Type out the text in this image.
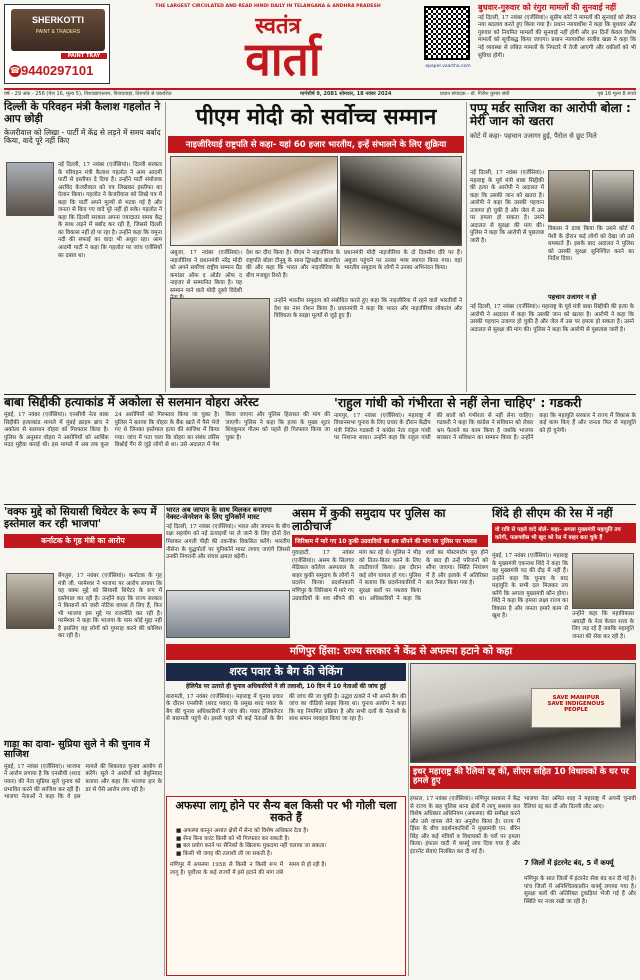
SHERKOTTI
PAINT & TRADERS
PAINT TRAY
☎ 9440297101
THE LARGEST CIRCULATED AND READ HINDI DAILY IN TELANGANA & ANDHRA PRADESH
स्वतंत्र
वार्ता	epaper.vaartha.com
बुधवार-गुरुवार को रंगुरा मामलों की सुनवाई नहीं
नई दिल्ली, 17 नवंबर (एजेंसियां)। सुप्रीम कोर्ट ने मामलों की सुनवाई को लेकर नया बदलाव करते हुए किया गया है। प्रधान न्यायाधीश ने कहा कि बुधवार और गुरुवार को नियमित मामलों की सुनवाई नहीं होगी और इन दिनों केवल विशेष मामलों को सूचीबद्ध किया जाएगा। प्रधान न्यायाधीश संजीव खन्ना ने कहा कि नई व्यवस्था से लंबित मामलों के निपटारे में तेजी आएगी और वकीलों को भी सुविधा होगी।
वर्ष - 29 अंक - 256 (पेज 16, मूल्य 5), विशाखापत्तनम, विजयवाड़ा, तिरुपति से प्रकाशित	मार्गशीर्ष 9, 2081 सोमवार, 18 नवंबर 2024	प्रधान संपादक - डॉ. गिरीश कुमार संघी	पृष्ठ 16 मूल्य 8 रुपये
दिल्ली के परिवहन मंत्री कैलाश गहलोत ने आप छोड़ी
केजरीवाल को लिखा - पार्टी में केंद्र से लड़ने में समय बर्बाद किया, वादे पूरे नहीं किए
नई दिल्ली, 17 नवंबर (एजेंसियां)। दिल्ली सरकार के परिवहन मंत्री कैलाश गहलोत ने आम आदमी पार्टी से इस्तीफा दे दिया है। उन्होंने पार्टी संयोजक अरविंद केजरीवाल को पत्र लिखकर इस्तीफा का ऐलान किया। गहलोत ने केजरीवाल को लिखे पत्र में कहा कि पार्टी अपने मूल्यों से भटक गई है और जनता से किए गए वादे पूरे नहीं हो सके। गहलोत ने कहा कि दिल्ली सरकार अपना ज्यादातर समय केंद्र के साथ लड़ने में बर्बाद कर रही है, जिससे दिल्ली का विकास नहीं हो पा रहा है। उन्होंने कहा कि यमुना नदी की सफाई का वादा भी अधूरा रहा। आम आदमी पार्टी ने कहा कि गहलोत पर जांच एजेंसियों का दबाव था।
पीएम मोदी को सर्वोच्च सम्मान
नाइजीरियाई राष्ट्रपति से कहा- यहां 60 हजार भारतीय, इन्हें संभालने के लिए शुक्रिया
अबुजा, 17 नवंबर (एजेंसियां)। नाइजीरिया ने प्रधानमंत्री नरेंद्र मोदी को अपने सर्वोच्च राष्ट्रीय सम्मान ग्रैंड कमांडर ऑफ द ऑर्डर ऑफ द नाइजर से सम्मानित किया है। यह सम्मान पाने वाले मोदी दूसरे विदेशी
देश का दौरा किया है। पीएम ने नाइजीरिया के राष्ट्रपति बोला टीनूबू के साथ द्विपक्षीय बातचीत की और कहा कि भारत और नाइजीरिया के बीच मजबूत रिश्ते हैं।
प्रधानमंत्री मोदी नाइजीरिया के दो दिवसीय दौरे पर हैं। अबुजा पहुंचने पर उनका भव्य स्वागत किया गया। वहां भारतीय समुदाय के लोगों ने उनका अभिनंदन किया।
उन्होंने भारतीय समुदाय को संबोधित करते हुए कहा कि नाइजीरिया में रहने वाले भारतीयों ने देश का नाम रोशन किया है। प्रधानमंत्री ने कहा कि भारत और नाइजीरिया लोकतंत्र और विविधता के साझा मूल्यों से जुड़े हुए हैं।
पप्पू मर्डर साजिश का आरोपी बोला : मेरी जान को खतरा
कोर्ट में कहा- पहचान उजागर हुई, पैरोल से छूट मिले
नई दिल्ली, 17 नवंबर (एजेंसियां)। महाराष्ट्र के पूर्व मंत्री बाबा सिद्दीकी की हत्या के आरोपी ने अदालत में कहा कि उसकी जान को खतरा है। आरोपी ने कहा कि उसकी पहचान उजागर हो चुकी है और जेल में उस पर हमला हो सकता है। उसने अदालत से सुरक्षा की मांग की। पुलिस ने कहा कि आरोपी से पूछताछ जारी है।
विकास ने दावा किया कि उसने कोर्ट में पेशी के दौरान कई लोगों को देखा जो उसे धमकाते हैं। इसके बाद अदालत ने पुलिस को उसकी सुरक्षा सुनिश्चित करने का निर्देश दिया।
पहचान उजागर न हो
नई दिल्ली, 17 नवंबर (एजेंसियां)। महाराष्ट्र के पूर्व मंत्री बाबा सिद्दीकी की हत्या के आरोपी ने अदालत में कहा कि उसकी जान को खतरा है। आरोपी ने कहा कि उसकी पहचान उजागर हो चुकी है और जेल में उस पर हमला हो सकता है। उसने अदालत से सुरक्षा की मांग की। पुलिस ने कहा कि आरोपी से पूछताछ जारी है।
बाबा सिद्दीकी हत्याकांड में अकोला से सलमान वोहरा अरेस्ट
मुंबई, 17 नवंबर (एजेंसियां)। एनसीपी नेता बाबा सिद्दीकी हत्याकांड मामले में मुंबई क्राइम ब्रांच ने अकोला से सलमान वोहरा को गिरफ्तार किया है। पुलिस के अनुसार वोहरा ने आरोपियों को आर्थिक मदद मुहैया कराई थी। इस मामले में अब तक कुल 24 आरोपियों को गिरफ्तार किया जा चुका है। पुलिस ने बताया कि वोहरा के बैंक खाते में पैसे भेजे गए थे जिनका इस्तेमाल हत्या की साजिश में किया गया। जांच में पता चला कि वोहरा का संबंध लॉरेंस बिश्नोई गैंग से जुड़े लोगों से था। उसे अदालत में पेश किया जाएगा और पुलिस हिरासत की मांग की जाएगी। पुलिस ने कहा कि हत्या के मुख्य शूटर शिवकुमार गौतम को पहले ही गिरफ्तार किया जा चुका है।
'राहुल गांधी को गंभीरता से नहीं लेना चाहिए' : गडकरी
नागपुर, 17 नवंबर (एजेंसियां)। महाराष्ट्र में विधानसभा चुनाव के लिए प्रचार के दौरान केंद्रीय मंत्री नितिन गडकरी ने कांग्रेस नेता राहुल गांधी पर निशाना साधा। उन्होंने कहा कि राहुल गांधी की बातों को गंभीरता से नहीं लेना चाहिए। गडकरी ने कहा कि कांग्रेस ने संविधान को लेकर भ्रम फैलाने का काम किया है जबकि भाजपा सरकार ने संविधान का सम्मान किया है। उन्होंने कहा कि महायुति सरकार ने राज्य में विकास के कई काम किए हैं और जनता फिर से महायुति को ही चुनेगी।
'वक्फ मुद्दे को सियासी थियेटर के रूप में इस्तेमाल कर रही भाजपा'
कर्नाटक के गृह मंत्री का आरोप
बेंगलुरु, 17 नवंबर (एजेंसियां)। कर्नाटक के गृह मंत्री जी. परमेश्वर ने भाजपा पर आरोप लगाया कि वह वक्फ मुद्दे को सियासी थियेटर के रूप में इस्तेमाल कर रही है। उन्होंने कहा कि राज्य सरकार ने किसानों को जारी नोटिस वापस ले लिए हैं, फिर भी भाजपा इस मुद्दे पर राजनीति कर रही है। परमेश्वर ने कहा कि भाजपा के पास कोई मुद्दा नहीं है इसलिए वह लोगों को गुमराह करने की कोशिश कर रही है।
भारत अब जापान के साथ मिलकर बनाएगा नेक्स्ट-जेनरेशन के लिए युनिकॉर्न मास्ट
नई दिल्ली, 17 नवंबर (एजेंसियां)। भारत और जापान के बीच रक्षा सहयोग को नई ऊंचाइयों पर ले जाने के लिए दोनों देश मिलकर अगली पीढ़ी की तकनीक विकसित करेंगे। भारतीय नौसेना के युद्धपोतों पर यूनिकॉर्न मास्ट लगाए जाएंगे जिससे उनकी निगरानी और संचार क्षमता बढ़ेगी।
असम में कुकी समुदाय पर पुलिस का लाठीचार्ज
जिरिबाम में मारे गए 10 कुकी उग्रवादियों का शव सौंपने की मांग पर पुलिस पर पथराव
गुवाहाटी, 17 नवंबर (एजेंसियां)। असम के सिलचर मेडिकल कॉलेज अस्पताल के बाहर कुकी समुदाय के लोगों ने प्रदर्शन किया। प्रदर्शनकारी मणिपुर के जिरिबाम में मारे गए उग्रवादियों के शव सौंपने की मांग कर रहे थे। पुलिस ने भीड़ को तितर-बितर करने के लिए लाठीचार्ज किया। इस दौरान कई लोग घायल हो गए। पुलिस ने बताया कि प्रदर्शनकारियों ने सुरक्षा बलों पर पथराव किया था। अधिकारियों ने कहा कि शवों का पोस्टमार्टम पूरा होने के बाद ही उन्हें परिजनों को सौंपा जाएगा। स्थिति नियंत्रण में है और इलाके में अतिरिक्त बल तैनात किया गया है।
शिंदे ही सीएम की रेस में नहीं
वो रात्रि से पहले वादे बोले- कहा- अगला मुख्यमंत्री महायुति तय करेगी, फडणवीस भी खुद को रेस में बाहर बता चुके हैं
मुंबई, 17 नवंबर (एजेंसियां)। महाराष्ट्र के मुख्यमंत्री एकनाथ शिंदे ने कहा कि वह मुख्यमंत्री पद की दौड़ में नहीं हैं। उन्होंने कहा कि चुनाव के बाद महायुति के सभी दल मिलकर तय करेंगे कि अगला मुख्यमंत्री कौन होगा। शिंदे ने कहा कि हमारा लक्ष्य राज्य का विकास है और जनता हमारे काम से खुश है।	उन्होंने कहा कि महाविकास अघाड़ी के नेता केवल सत्ता के लिए लड़ रहे हैं जबकि महायुति जनता की सेवा कर रही है।
मणिपुर हिंसा: राज्य सरकार ने केंद्र से अफस्पा हटाने को कहा
शरद पवार के बैग की चेकिंग
हेलिपैड पर उतरते ही चुनाव अधिकारियों ने ली तलाशी, 10 दिन में 10 नेताओं की जांच हुई
बारामती, 17 नवंबर (एजेंसियां)। महाराष्ट्र में चुनाव प्रचार के दौरान एनसीपी (शरद पवार) के प्रमुख शरद पवार के बैग की चुनाव अधिकारियों ने जांच की। पवार हेलिकॉप्टर से बारामती पहुंचे थे। इससे पहले भी कई नेताओं के बैग की जांच की जा चुकी है। उद्धव ठाकरे ने भी अपने बैग की जांच का वीडियो साझा किया था। चुनाव आयोग ने कहा कि यह नियमित प्रक्रिया है और सभी दलों के नेताओं के साथ समान व्यवहार किया जा रहा है।
SAVE MANIPUR
SAVE INDIGENOUS
PEOPLE
गाड़ा का दावा- सुप्रिया सुले ने की चुनाव में साजिश
मुंबई, 17 नवंबर (एजेंसियां)। भाजपा ने आरोप लगाया है कि एनसीपी (शरद पवार) की नेता सुप्रिया सुले चुनाव को प्रभावित करने की साजिश कर रही हैं। भाजपा नेताओं ने कहा कि वे इस मामले की शिकायत चुनाव आयोग से करेंगे। सुले ने आरोपों को बेबुनियाद बताया और कहा कि भाजपा हार के डर से ऐसे आरोप लगा रही है।
अफस्पा लागू होने पर सैन्य बल किसी पर भी गोली चला सकते हैं
■ अफस्पा कानून अशांत क्षेत्रों में सेना को विशेष अधिकार देता है।
■ सेना बिना वारंट किसी को भी गिरफ्तार कर सकती है।
■ बल प्रयोग करने पर सैनिकों के खिलाफ मुकदमा नहीं चलाया जा सकता।
■ किसी भी जगह की तलाशी ली जा सकती है।
मणिपुर में अफस्पा 1958 से किसी न किसी रूप में लागू है। पूर्वोत्तर के कई राज्यों में इसे हटाने की मांग लंबे समय से हो रही है।
इधर महाराष्ट्र की रैलियां रद्द कीं, सीएम सहित 10 विधायकों के घर पर हमले हुए
इंफाल, 17 नवंबर (एजेंसियां)। मणिपुर सरकार ने केंद्र से राज्य के छह पुलिस थाना क्षेत्रों में लागू सशस्त्र बल विशेष अधिकार अधिनियम (अफस्पा) की समीक्षा करने और उसे वापस लेने का अनुरोध किया है। राज्य में हिंसा के बीच प्रदर्शनकारियों ने मुख्यमंत्री एन. बीरेन सिंह और कई मंत्रियों व विधायकों के घरों पर हमला किया। इंफाल घाटी में कर्फ्यू लगा दिया गया है और इंटरनेट सेवाएं निलंबित कर दी गई हैं।
भाजपा नेता अमित शाह ने महाराष्ट्र में अपनी चुनावी रैलियां रद्द कर दीं और दिल्ली लौट आए।
7 जिलों में इंटरनेट बंद, 5 में कर्फ्यू
मणिपुर के सात जिलों में इंटरनेट सेवा बंद कर दी गई है। पांच जिलों में अनिश्चितकालीन कर्फ्यू लगाया गया है। सुरक्षा बलों की अतिरिक्त टुकड़ियां भेजी गई हैं और स्थिति पर नजर रखी जा रही है।
